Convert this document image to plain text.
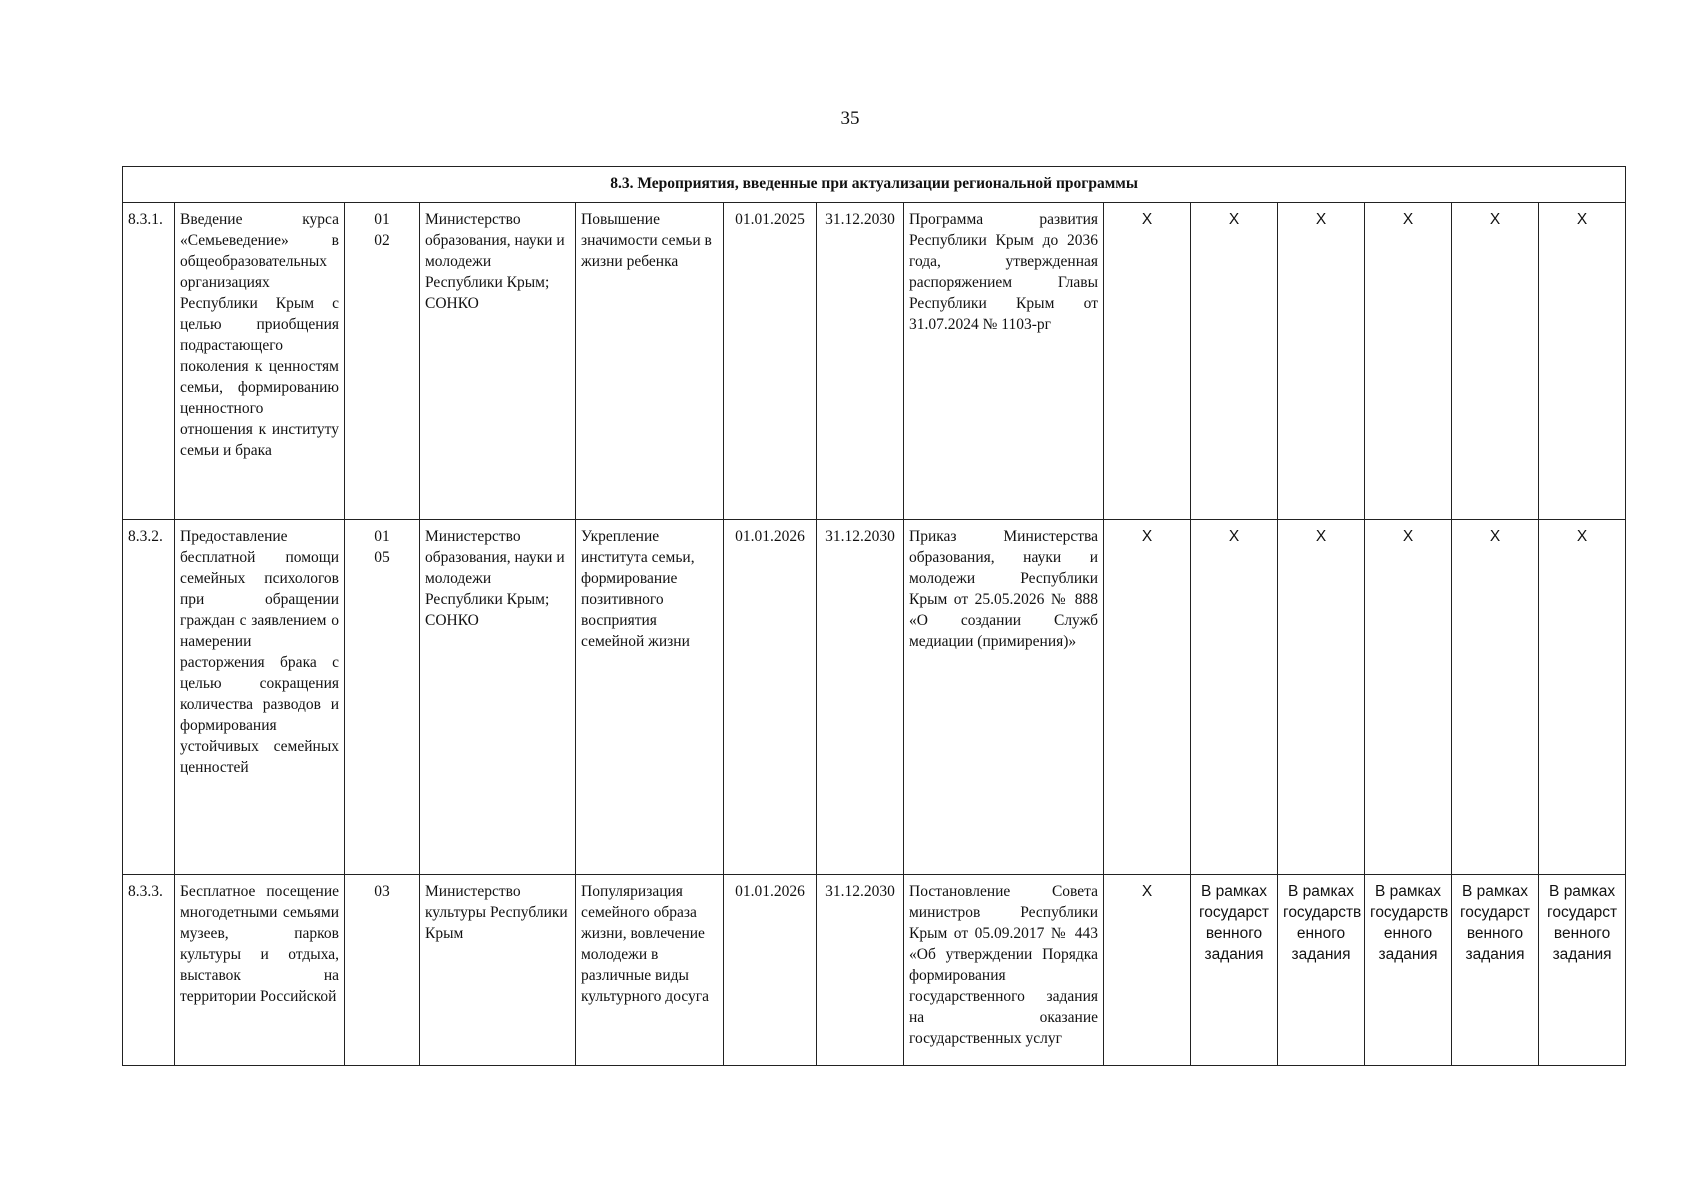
35
8.3. Мероприятия, введенные при актуализации региональной программы													
8.3.1.	Введение курса «Семьеведение» в общеобразовательных организациях Республики Крым с целью приобщения подрастающего поколения к ценностям семьи, формированию ценностного отношения к институту семьи и брака	01
02	Министерство образования, науки и молодежи Республики Крым; СОНКО	Повышение значимости семьи в жизни ребенка	01.01.2025	31.12.2030	Программа развития Республики Крым до 2036 года, утвержденная распоряжением Главы Республики Крым от 31.07.2024 № 1103-рг	X	X	X	X	X	X
8.3.2.	Предоставление бесплатной помощи семейных психологов при обращении граждан с заявлением о намерении расторжения брака с целью сокращения количества разводов и формирования устойчивых семейных ценностей	01
05	Министерство образования, науки и молодежи Республики Крым; СОНКО	Укрепление института семьи, формирование позитивного восприятия семейной жизни	01.01.2026	31.12.2030	Приказ Министерства образования, науки и молодежи Республики Крым от 25.05.2026 № 888 «О создании Служб медиации (примирения)»	X	X	X	X	X	X
8.3.3.	Бесплатное посещение многодетными семьями музеев, парков культуры и отдыха, выставок на территории Российской	03	Министерство культуры Республики Крым	Популяризация семейного образа жизни, вовлечение молодежи в различные виды культурного досуга	01.01.2026	31.12.2030	Постановление Совета министров Республики Крым от 05.09.2017 № 443 «Об утверждении Порядка формирования государственного задания на оказание государственных услуг	X	В рамках
государст
венного
задания	В рамках
государств
енного
задания	В рамках
государств
енного
задания	В рамках
государст
венного
задания	В рамках
государст
венного
задания
